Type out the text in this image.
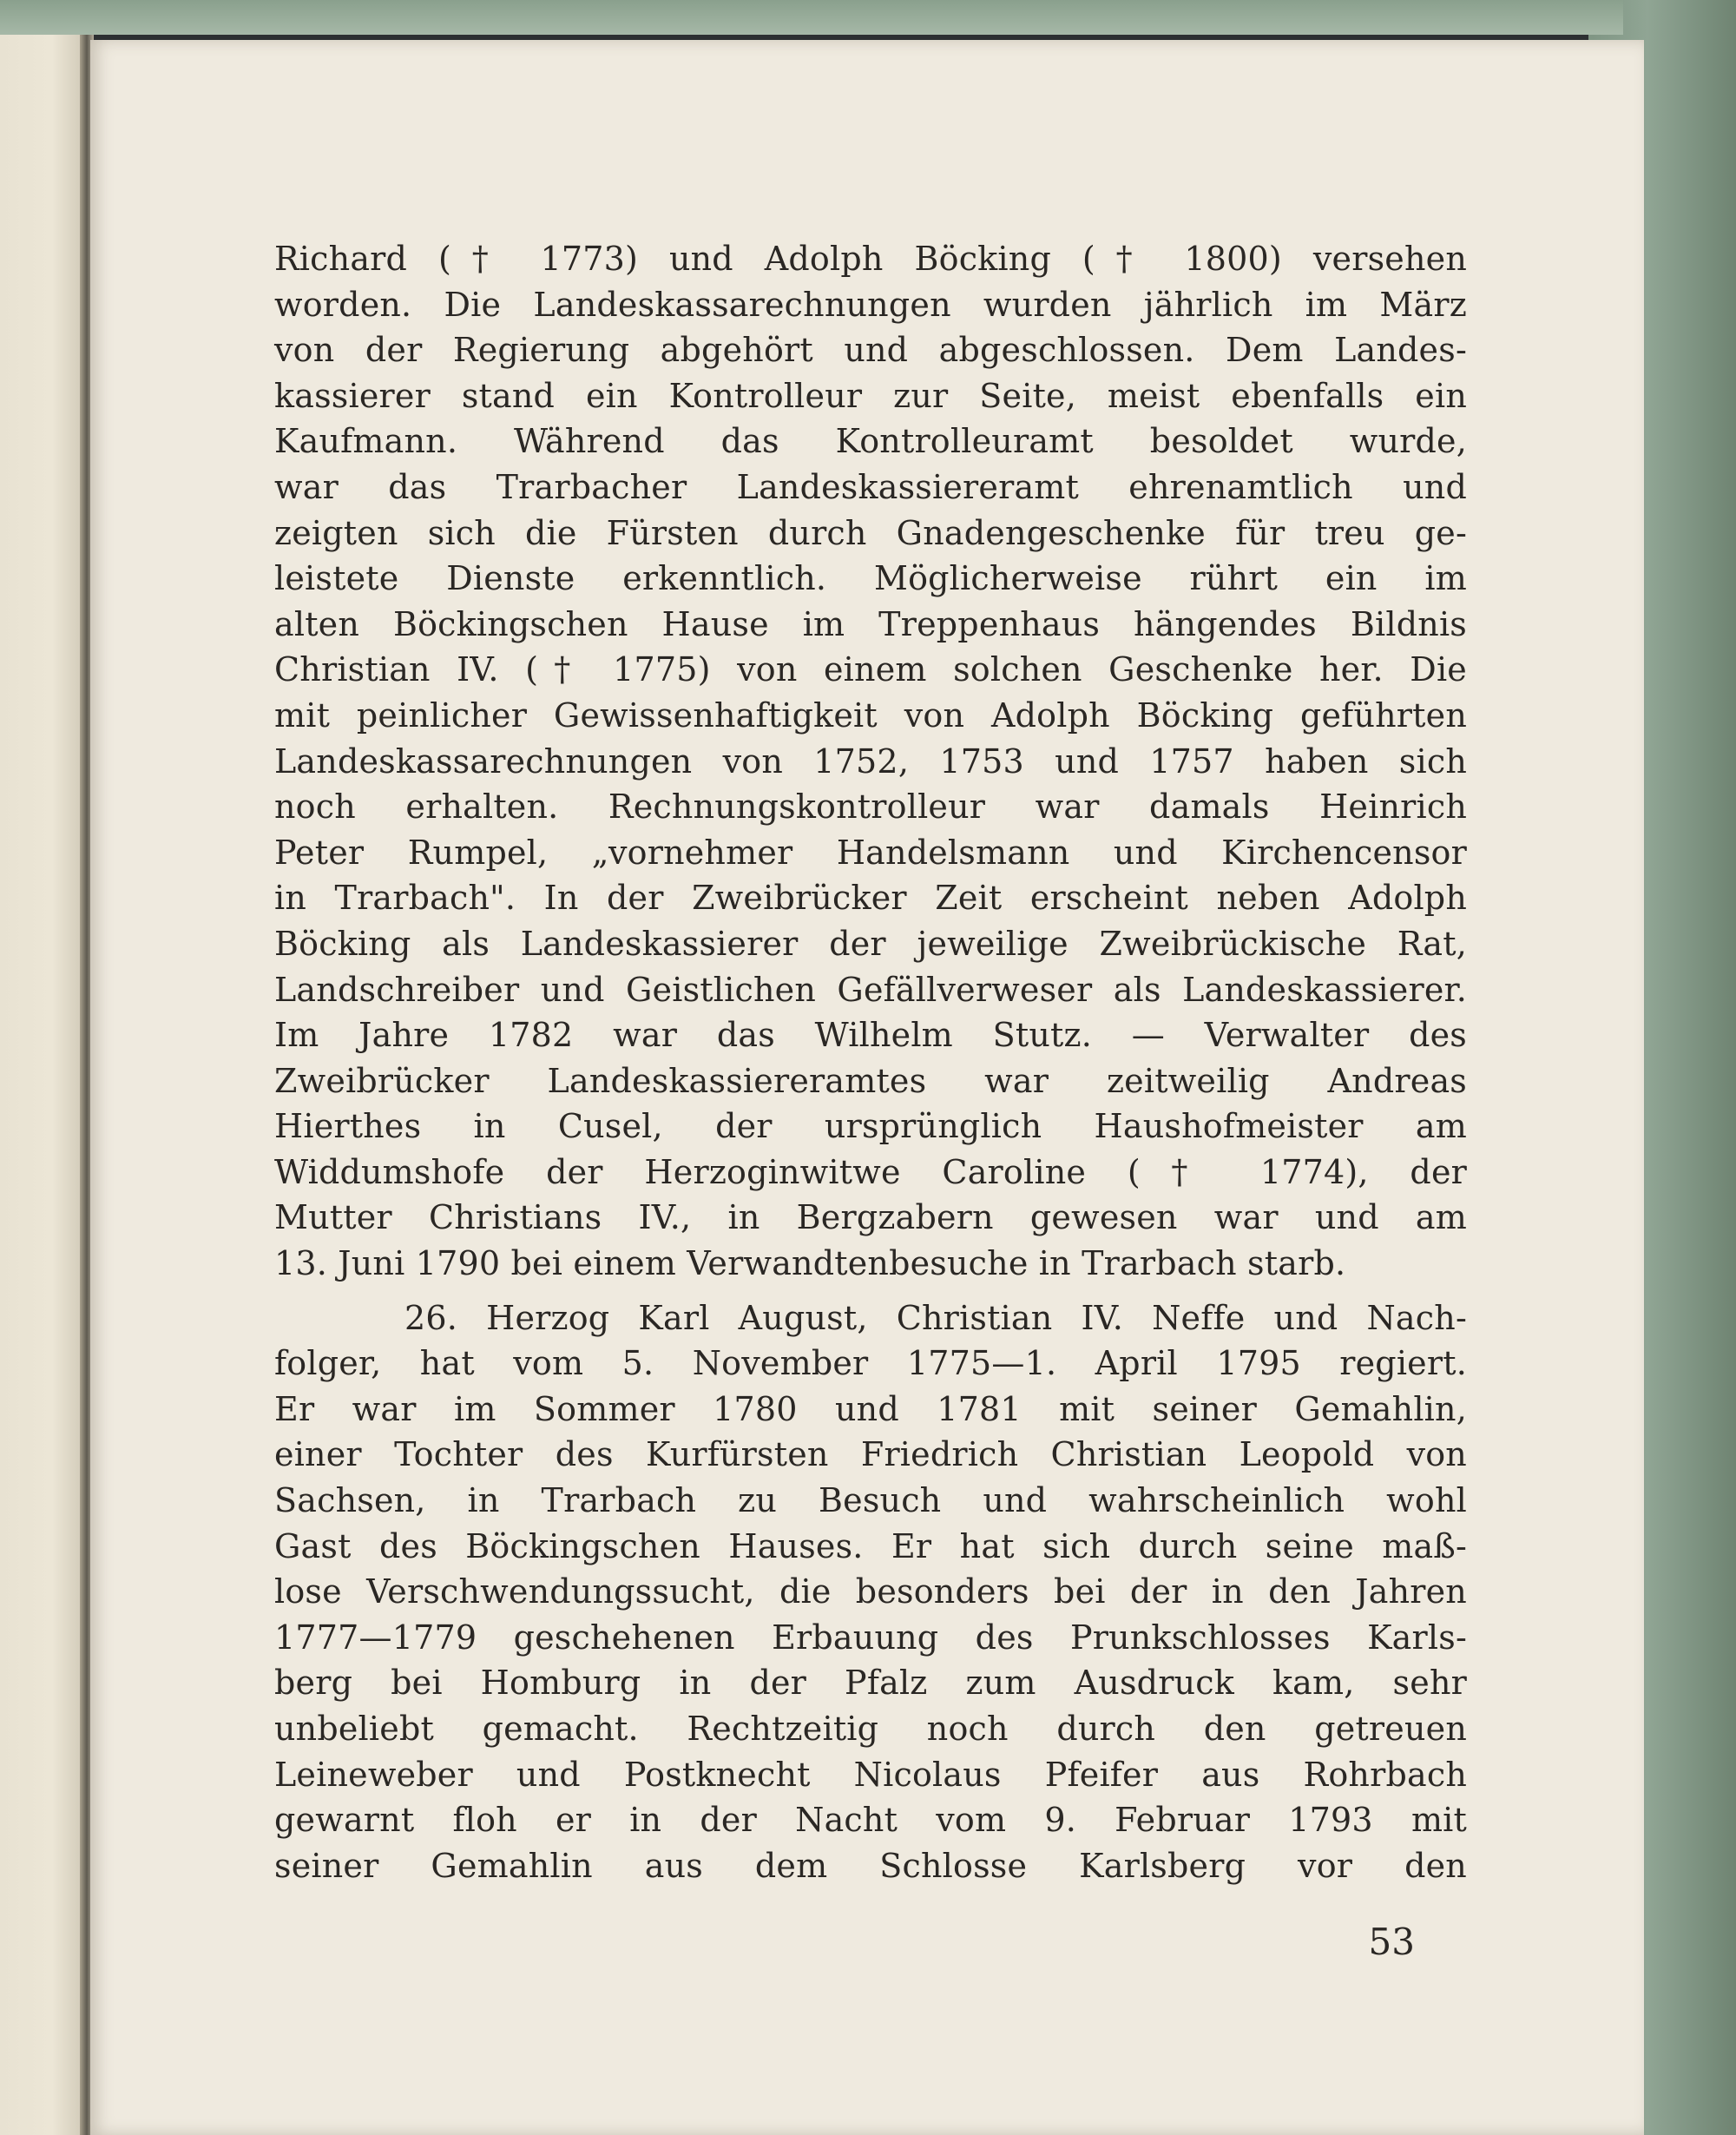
Richard († 1773) und Adolph Böcking († 1800) versehen
worden. Die Landeskassarechnungen wurden jährlich im März
von der Regierung abgehört und abgeschlossen. Dem Landes-
kassierer stand ein Kontrolleur zur Seite, meist ebenfalls ein
Kaufmann. Während das Kontrolleuramt besoldet wurde,
war das Trarbacher Landeskassiereramt ehrenamtlich und
zeigten sich die Fürsten durch Gnadengeschenke für treu ge-
leistete Dienste erkenntlich. Möglicherweise rührt ein im
alten Böckingschen Hause im Treppenhaus hängendes Bildnis
Christian IV. († 1775) von einem solchen Geschenke her. Die
mit peinlicher Gewissenhaftigkeit von Adolph Böcking geführten
Landeskassarechnungen von 1752, 1753 und 1757 haben sich
noch erhalten. Rechnungskontrolleur war damals Heinrich
Peter Rumpel, „vornehmer Handelsmann und Kirchencensor
in Trarbach". In der Zweibrücker Zeit erscheint neben Adolph
Böcking als Landeskassierer der jeweilige Zweibrückische Rat,
Landschreiber und Geistlichen Gefällverweser als Landeskassierer.
Im Jahre 1782 war das Wilhelm Stutz. — Verwalter des
Zweibrücker Landeskassiereramtes war zeitweilig Andreas
Hierthes in Cusel, der ursprünglich Haushofmeister am
Widdumshofe der Herzoginwitwe Caroline († 1774), der
Mutter Christians IV., in Bergzabern gewesen war und am
13. Juni 1790 bei einem Verwandtenbesuche in Trarbach starb.
26. Herzog Karl August, Christian IV. Neffe und Nach-
folger, hat vom 5. November 1775—1. April 1795 regiert.
Er war im Sommer 1780 und 1781 mit seiner Gemahlin,
einer Tochter des Kurfürsten Friedrich Christian Leopold von
Sachsen, in Trarbach zu Besuch und wahrscheinlich wohl
Gast des Böckingschen Hauses. Er hat sich durch seine maß-
lose Verschwendungssucht, die besonders bei der in den Jahren
1777—1779 geschehenen Erbauung des Prunkschlosses Karls-
berg bei Homburg in der Pfalz zum Ausdruck kam, sehr
unbeliebt gemacht. Rechtzeitig noch durch den getreuen
Leineweber und Postknecht Nicolaus Pfeifer aus Rohrbach
gewarnt floh er in der Nacht vom 9. Februar 1793 mit
seiner Gemahlin aus dem Schlosse Karlsberg vor den
53
